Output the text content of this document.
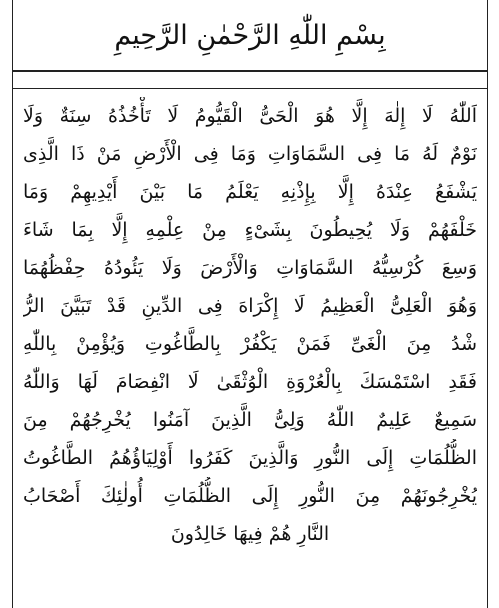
بِسْمِ اللّٰهِ الرَّحْمٰنِ الرَّحِيمِ
اَللّٰهُ لَا إِلٰهَ إِلَّا هُوَ الْحَىُّ الْقَيُّومُ لَا تَأْخُذُهُ سِنَةٌ وَلَا
نَوْمٌ لَهُ مَا فِى السَّمَاوَاتِ وَمَا فِى الْأَرْضِ مَنْ ذَا الَّذِى
يَشْفَعُ عِنْدَهُ إِلَّا بِإِذْنِهِ يَعْلَمُ مَا بَيْنَ أَيْدِيهِمْ وَمَا
خَلْفَهُمْ وَلَا يُحِيطُونَ بِشَىْءٍ مِنْ عِلْمِهِ إِلَّا بِمَا شَاءَ
وَسِعَ كُرْسِيُّهُ السَّمَاوَاتِ وَالْأَرْضَ وَلَا يَئُودُهُ حِفْظُهُمَا
وَهُوَ الْعَلِىُّ الْعَظِيمُ لَا إِكْرَاهَ فِى الدِّينِ قَدْ تَبَيَّنَ الرُّ
شْدُ مِنَ الْغَىِّ فَمَنْ يَكْفُرْ بِالطَّاغُوتِ وَيُؤْمِنْ بِاللّٰهِ
فَقَدِ اسْتَمْسَكَ بِالْعُرْوَةِ الْوُثْقَىٰ لَا انْفِصَامَ لَهَا وَاللّٰهُ
سَمِيعٌ عَلِيمٌ اللّٰهُ وَلِىُّ الَّذِينَ آمَنُوا يُخْرِجُهُمْ مِنَ
الظُّلُمَاتِ إِلَى النُّورِ وَالَّذِينَ كَفَرُوا أَوْلِيَاؤُهُمُ الطَّاغُوتُ
يُخْرِجُونَهُمْ مِنَ النُّورِ إِلَى الظُّلُمَاتِ أُولٰئِكَ أَصْحَابُ
النَّارِ هُمْ فِيهَا خَالِدُونَ
